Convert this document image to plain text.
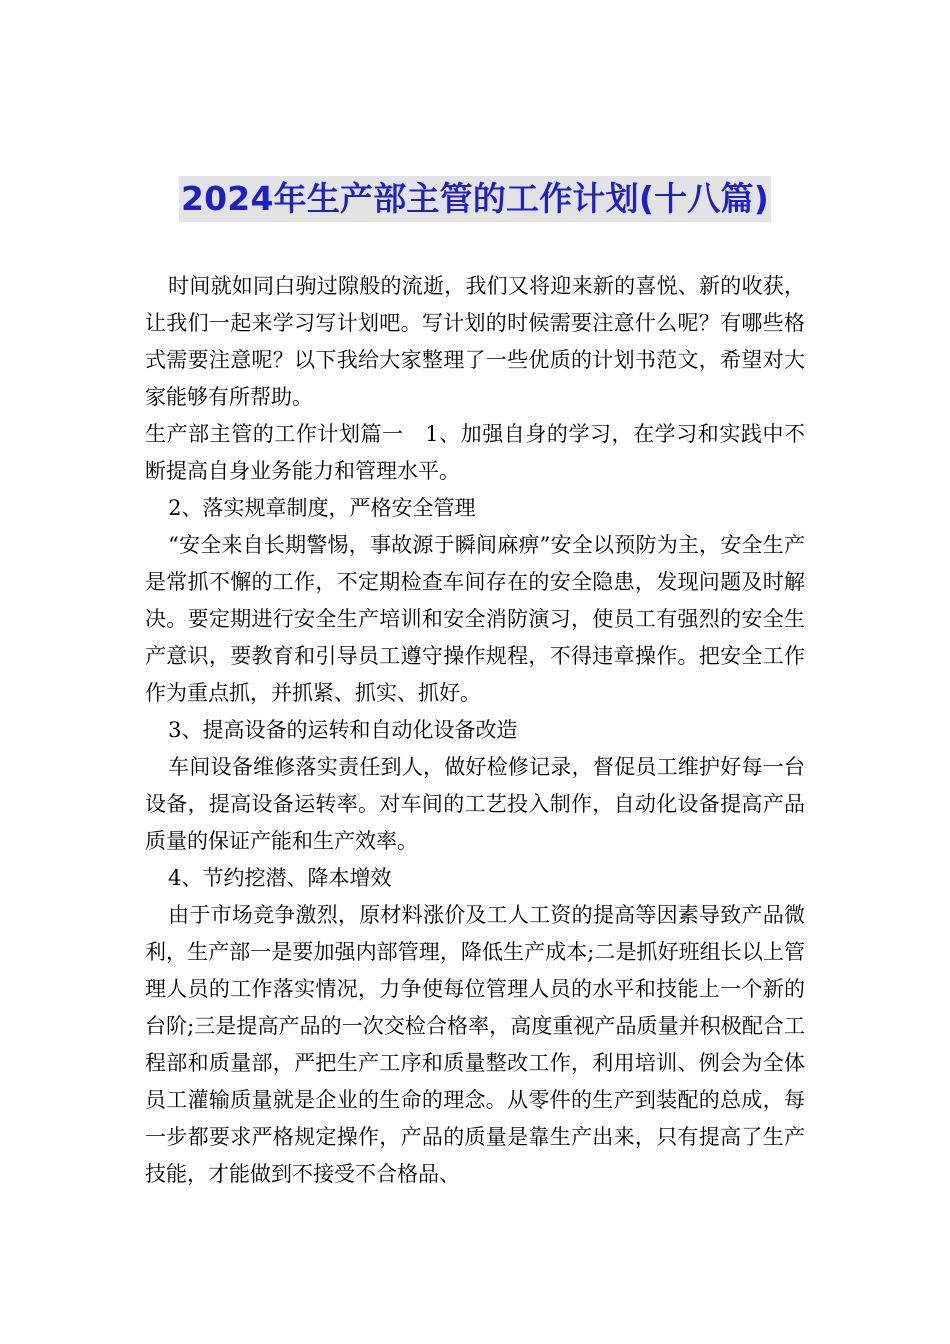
2024年生产部主管的工作计划(十八篇)

时间就如同白驹过隙般的流逝，我们又将迎来新的喜悦、新的收获，让我们一起来学习写计划吧。写计划的时候需要注意什么呢？有哪些格式需要注意呢？以下我给大家整理了一些优质的计划书范文，希望对大家能够有所帮助。

生产部主管的工作计划篇一　1、加强自身的学习，在学习和实践中不断提高自身业务能力和管理水平。

2、落实规章制度，严格安全管理

“安全来自长期警惕，事故源于瞬间麻痹”安全以预防为主，安全生产是常抓不懈的工作，不定期检查车间存在的安全隐患，发现问题及时解决。要定期进行安全生产培训和安全消防演习，使员工有强烈的安全生产意识，要教育和引导员工遵守操作规程，不得违章操作。把安全工作作为重点抓，并抓紧、抓实、抓好。

3、提高设备的运转和自动化设备改造

车间设备维修落实责任到人，做好检修记录，督促员工维护好每一台设备，提高设备运转率。对车间的工艺投入制作，自动化设备提高产品质量的保证产能和生产效率。

4、节约挖潜、降本增效

由于市场竞争激烈，原材料涨价及工人工资的提高等因素导致产品微利，生产部一是要加强内部管理，降低生产成本;二是抓好班组长以上管理人员的工作落实情况，力争使每位管理人员的水平和技能上一个新的台阶;三是提高产品的一次交检合格率，高度重视产品质量并积极配合工程部和质量部，严把生产工序和质量整改工作，利用培训、例会为全体员工灌输质量就是企业的生命的理念。从零件的生产到装配的总成，每一步都要求严格规定操作，产品的质量是靠生产出来，只有提高了生产技能，才能做到不接受不合格品、
